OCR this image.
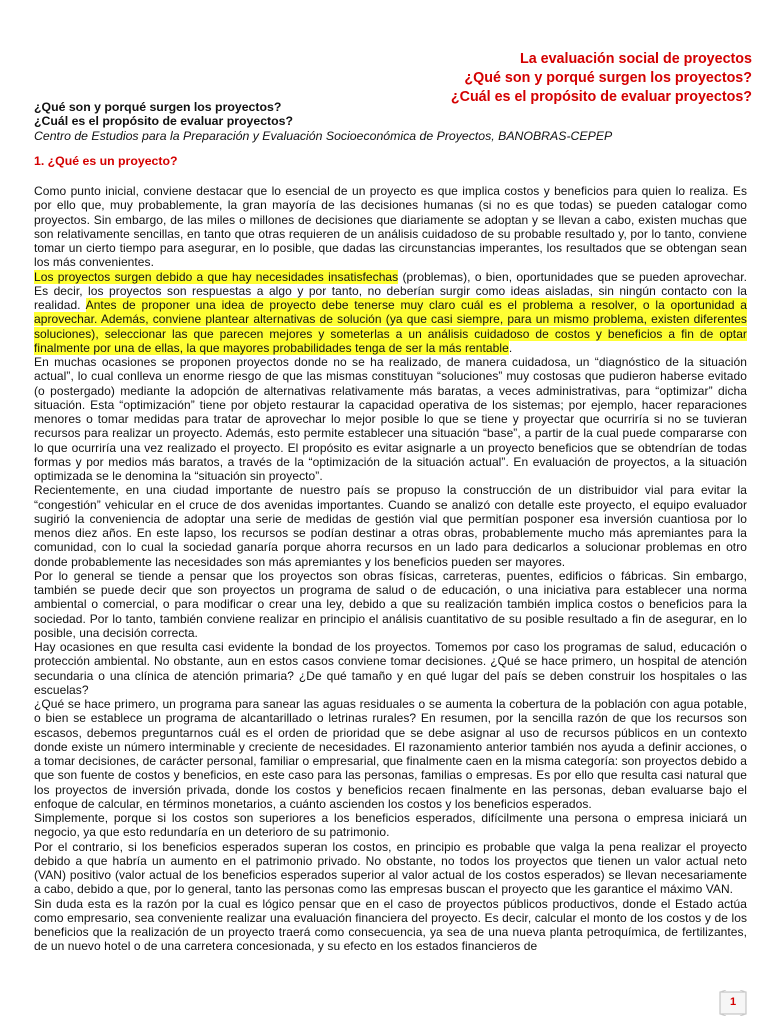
La evaluación social de proyectos
¿Qué son y porqué surgen los proyectos?
¿Cuál es el propósito de evaluar proyectos?
¿Qué son y porqué surgen los proyectos?
¿Cuál es el propósito de evaluar proyectos?
Centro de Estudios para la Preparación y Evaluación Socioeconómica de Proyectos, BANOBRAS-CEPEP
1. ¿Qué es un proyecto?

Como punto inicial, conviene destacar que lo esencial de un proyecto es que implica costos y beneficios para quien lo realiza. Es por ello que, muy probablemente, la gran mayoría de las decisiones humanas (si no es que todas) se pueden catalogar como proyectos. Sin embargo, de las miles o millones de decisiones que diariamente se adoptan y se llevan a cabo, existen muchas que son relativamente sencillas, en tanto que otras requieren de un análisis cuidadoso de su probable resultado y, por lo tanto, conviene tomar un cierto tiempo para asegurar, en lo posible, que dadas las circunstancias imperantes, los resultados que se obtengan sean los más convenientes.

Los proyectos surgen debido a que hay necesidades insatisfechas (problemas), o bien, oportunidades que se pueden aprovechar. Es decir, los proyectos son respuestas a algo y por tanto, no deberían surgir como ideas aisladas, sin ningún contacto con la realidad. Antes de proponer una idea de proyecto debe tenerse muy claro cuál es el problema a resolver, o la oportunidad a aprovechar. Además, conviene plantear alternativas de solución (ya que casi siempre, para un mismo problema, existen diferentes soluciones), seleccionar las que parecen mejores y someterlas a un análisis cuidadoso de costos y beneficios a fin de optar finalmente por una de ellas, la que mayores probabilidades tenga de ser la más rentable.

En muchas ocasiones se proponen proyectos donde no se ha realizado, de manera cuidadosa, un “diagnóstico de la situación actual”, lo cual conlleva un enorme riesgo de que las mismas constituyan “soluciones” muy costosas que pudieron haberse evitado (o postergado) mediante la adopción de alternativas relativamente más baratas, a veces administrativas, para “optimizar” dicha situación. Esta “optimización” tiene por objeto restaurar la capacidad operativa de los sistemas; por ejemplo, hacer reparaciones menores o tomar medidas para tratar de aprovechar lo mejor posible lo que se tiene y proyectar que ocurriría si no se tuvieran recursos para realizar un proyecto. Además, esto permite establecer una situación “base”, a partir de la cual puede compararse con lo que ocurriría una vez realizado el proyecto. El propósito es evitar asignarle a un proyecto beneficios que se obtendrían de todas formas y por medios más baratos, a través de la “optimización de la situación actual”. En evaluación de proyectos, a la situación optimizada se le denomina la “situación sin proyecto”.

Recientemente, en una ciudad importante de nuestro país se propuso la construcción de un distribuidor vial para evitar la “congestión” vehicular en el cruce de dos avenidas importantes. Cuando se analizó con detalle este proyecto, el equipo evaluador sugirió la conveniencia de adoptar una serie de medidas de gestión vial que permitían posponer esa inversión cuantiosa por lo menos diez años. En este lapso, los recursos se podían destinar a otras obras, probablemente mucho más apremiantes para la comunidad, con lo cual la sociedad ganaría porque ahorra recursos en un lado para dedicarlos a solucionar problemas en otro donde probablemente las necesidades son más apremiantes y los beneficios pueden ser mayores.

Por lo general se tiende a pensar que los proyectos son obras físicas, carreteras, puentes, edificios o fábricas. Sin embargo, también se puede decir que son proyectos un programa de salud o de educación, o una iniciativa para establecer una norma ambiental o comercial, o para modificar o crear una ley, debido a que su realización también implica costos o beneficios para la sociedad. Por lo tanto, también conviene realizar en principio el análisis cuantitativo de su posible resultado a fin de asegurar, en lo posible, una decisión correcta.

Hay ocasiones en que resulta casi evidente la bondad de los proyectos. Tomemos por caso los programas de salud, educación o protección ambiental. No obstante, aun en estos casos conviene tomar decisiones. ¿Qué se hace primero, un hospital de atención secundaria o una clínica de atención primaria? ¿De qué tamaño y en qué lugar del país se deben construir los hospitales o las escuelas?

¿Qué se hace primero, un programa para sanear las aguas residuales o se aumenta la cobertura de la población con agua potable, o bien se establece un programa de alcantarillado o letrinas rurales? En resumen, por la sencilla razón de que los recursos son escasos, debemos preguntarnos cuál es el orden de prioridad que se debe asignar al uso de recursos públicos en un contexto donde existe un número interminable y creciente de necesidades. El razonamiento anterior también nos ayuda a definir acciones, o a tomar decisiones, de carácter personal, familiar o empresarial, que finalmente caen en la misma categoría: son proyectos debido a que son fuente de costos y beneficios, en este caso para las personas, familias o empresas. Es por ello que resulta casi natural que los proyectos de inversión privada, donde los costos y beneficios recaen finalmente en las personas, deban evaluarse bajo el enfoque de calcular, en términos monetarios, a cuánto ascienden los costos y los beneficios esperados.

Simplemente, porque si los costos son superiores a los beneficios esperados, difícilmente una persona o empresa iniciará un negocio, ya que esto redundaría en un deterioro de su patrimonio.

Por el contrario, si los beneficios esperados superan los costos, en principio es probable que valga la pena realizar el proyecto debido a que habría un aumento en el patrimonio privado. No obstante, no todos los proyectos que tienen un valor actual neto (VAN) positivo (valor actual de los beneficios esperados superior al valor actual de los costos esperados) se llevan necesariamente a cabo, debido a que, por lo general, tanto las personas como las empresas buscan el proyecto que les garantice el máximo VAN.

Sin duda esta es la razón por la cual es lógico pensar que en el caso de proyectos públicos productivos, donde el Estado actúa como empresario, sea conveniente realizar una evaluación financiera del proyecto. Es decir, calcular el monto de los costos y de los beneficios que la realización de un proyecto traerá como consecuencia, ya sea de una nueva planta petroquímica, de fertilizantes, de un nuevo hotel o de una carretera concesionada, y su efecto en los estados financieros de

1
